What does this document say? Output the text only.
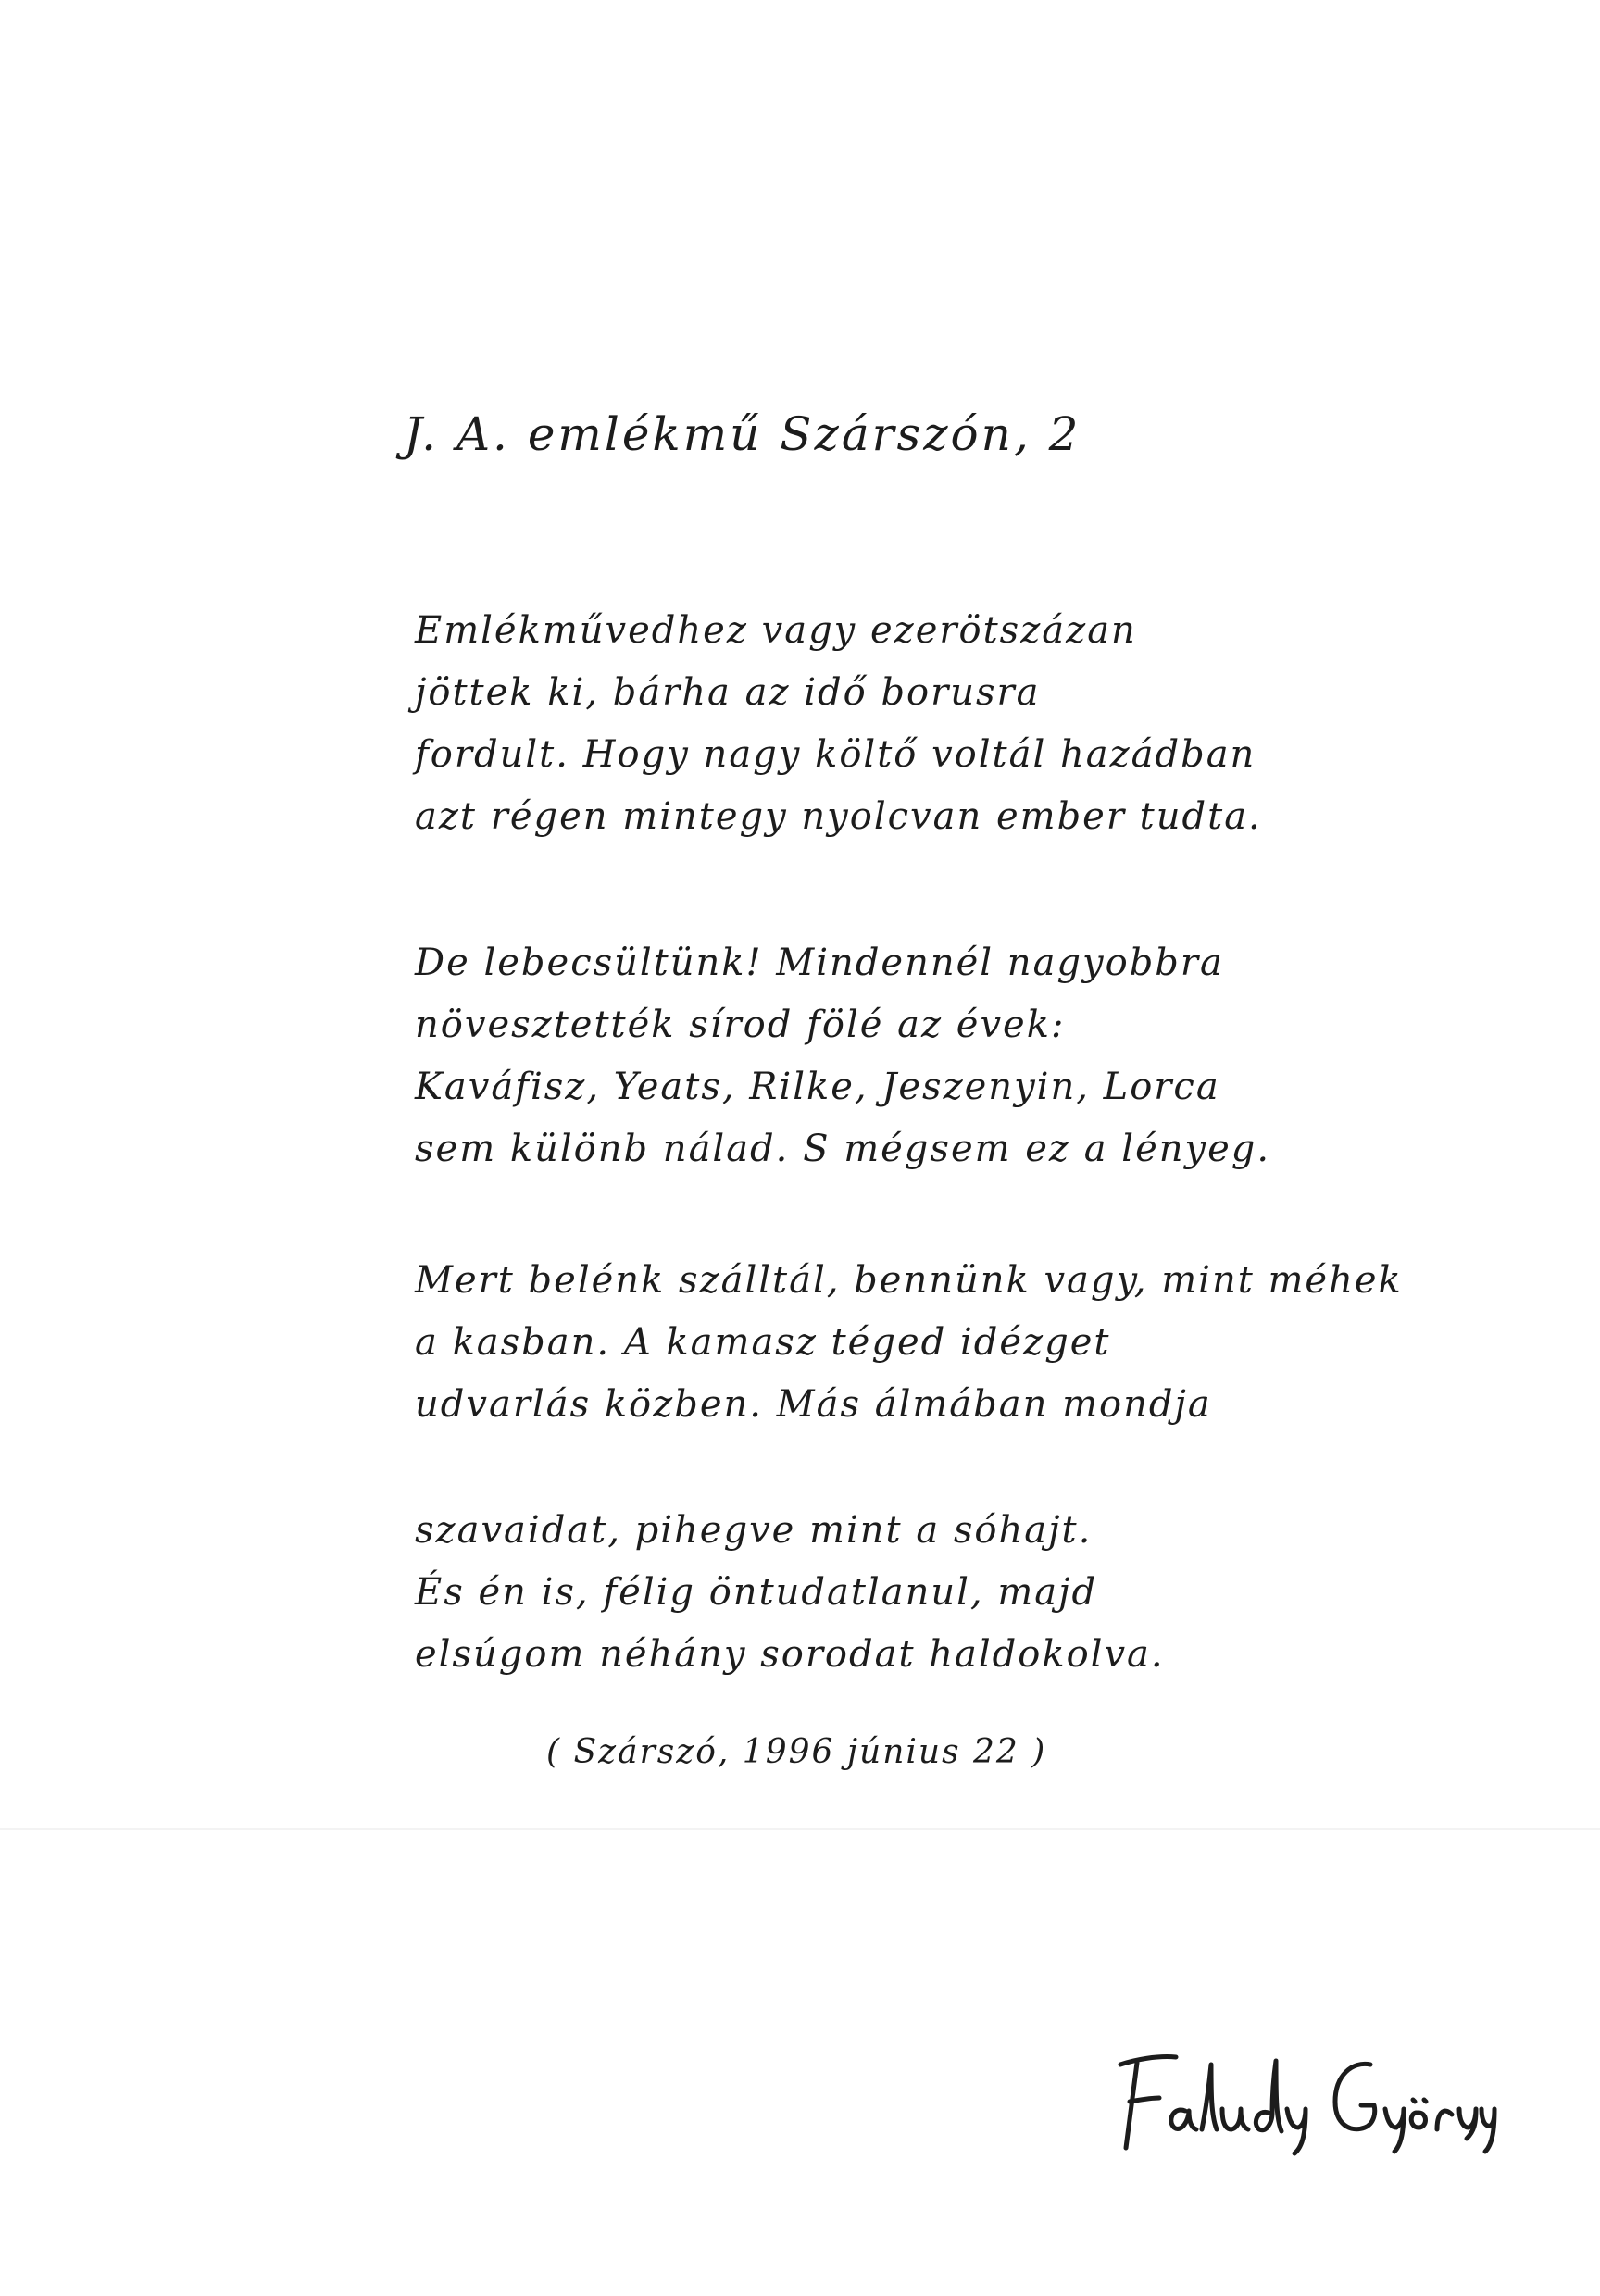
J. A. emlékmű Szárszón, 2
Emlékművedhez vagy ezerötszázan
jöttek ki, bárha az idő borusra
fordult. Hogy nagy költő voltál hazádban
azt régen mintegy nyolcvan ember tudta.
De lebecsültünk! Mindennél nagyobbra
növesztették sírod fölé az évek:
Kaváfisz, Yeats, Rilke, Jeszenyin, Lorca
sem különb nálad. S mégsem ez a lényeg.
Mert belénk szálltál, bennünk vagy, mint méhek
a kasban. A kamasz téged idézget
udvarlás közben. Más álmában mondja
szavaidat, pihegve mint a sóhajt.
És én is, félig öntudatlanul, majd
elsúgom néhány sorodat haldokolva.

( Szárszó, 1996 június 22 )
